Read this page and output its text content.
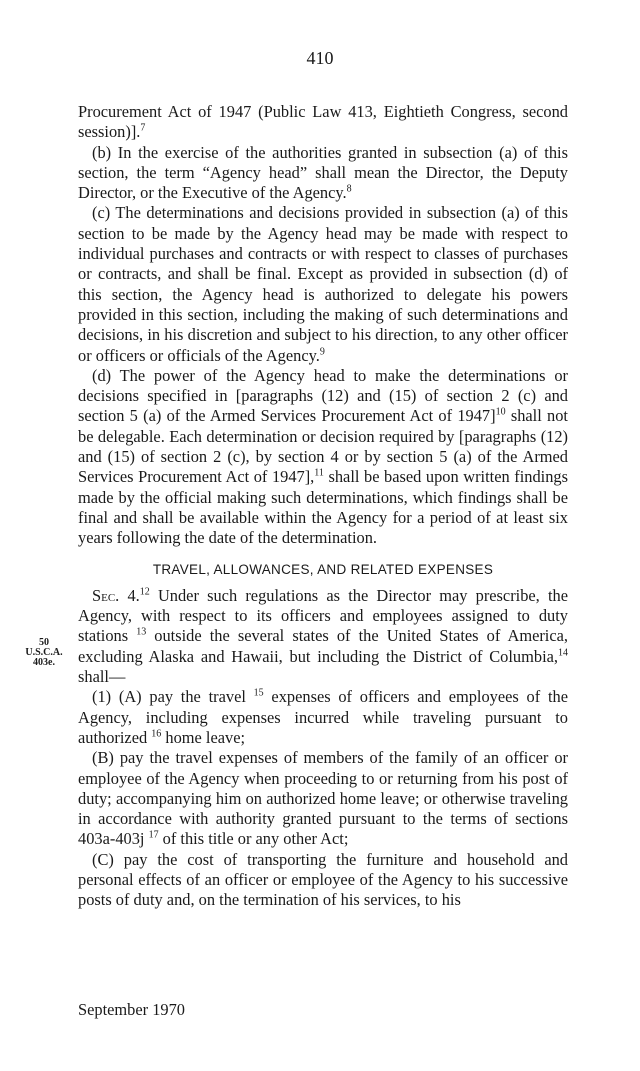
410
50
U.S.C.A.
403e.

Procurement Act of 1947 (Public Law 413, Eightieth Congress, second session)].$^7$

(b) In the exercise of the authorities granted in subsection (a) of this section, the term “Agency head” shall mean the Director, the Deputy Director, or the Executive of the Agency.$^8$

(c) The determinations and decisions provided in subsection (a) of this section to be made by the Agency head may be made with respect to individual purchases and contracts or with respect to classes of purchases or contracts, and shall be final. Except as provided in subsection (d) of this section, the Agency head is authorized to delegate his powers provided in this section, including the making of such determinations and decisions, in his discretion and subject to his direction, to any other officer or officers or officials of the Agency.$^9$

(d) The power of the Agency head to make the determinations or decisions specified in [paragraphs (12) and (15) of section 2 (c) and section 5 (a) of the Armed Services Procurement Act of 1947]$^{10}$ shall not be delegable. Each determination or decision required by [paragraphs (12) and (15) of section 2 (c), by section 4 or by section 5 (a) of the Armed Services Procurement Act of 1947],$^{11}$ shall be based upon written findings made by the official making such determinations, which findings shall be final and shall be available within the Agency for a period of at least six years following the date of the determination.

TRAVEL, ALLOWANCES, AND RELATED EXPENSES

Sec. 4.12 Under such regulations as the Director may prescribe, the Agency, with respect to its officers and employees assigned to duty stations $^{13}$ outside the several states of the United States of America, excluding Alaska and Hawaii, but including the District of Columbia,$^{14}$ shall—

(1) (A) pay the travel $^{15}$ expenses of officers and employees of the Agency, including expenses incurred while traveling pursuant to authorized $^{16}$ home leave;

(B) pay the travel expenses of members of the family of an officer or employee of the Agency when proceeding to or returning from his post of duty; accompanying him on authorized home leave; or otherwise traveling in accordance with authority granted pursuant to the terms of sections 403a-403j $^{17}$ of this title or any other Act;

(C) pay the cost of transporting the furniture and household and personal effects of an officer or employee of the Agency to his successive posts of duty and, on the termination of his services, to his

September 1970
